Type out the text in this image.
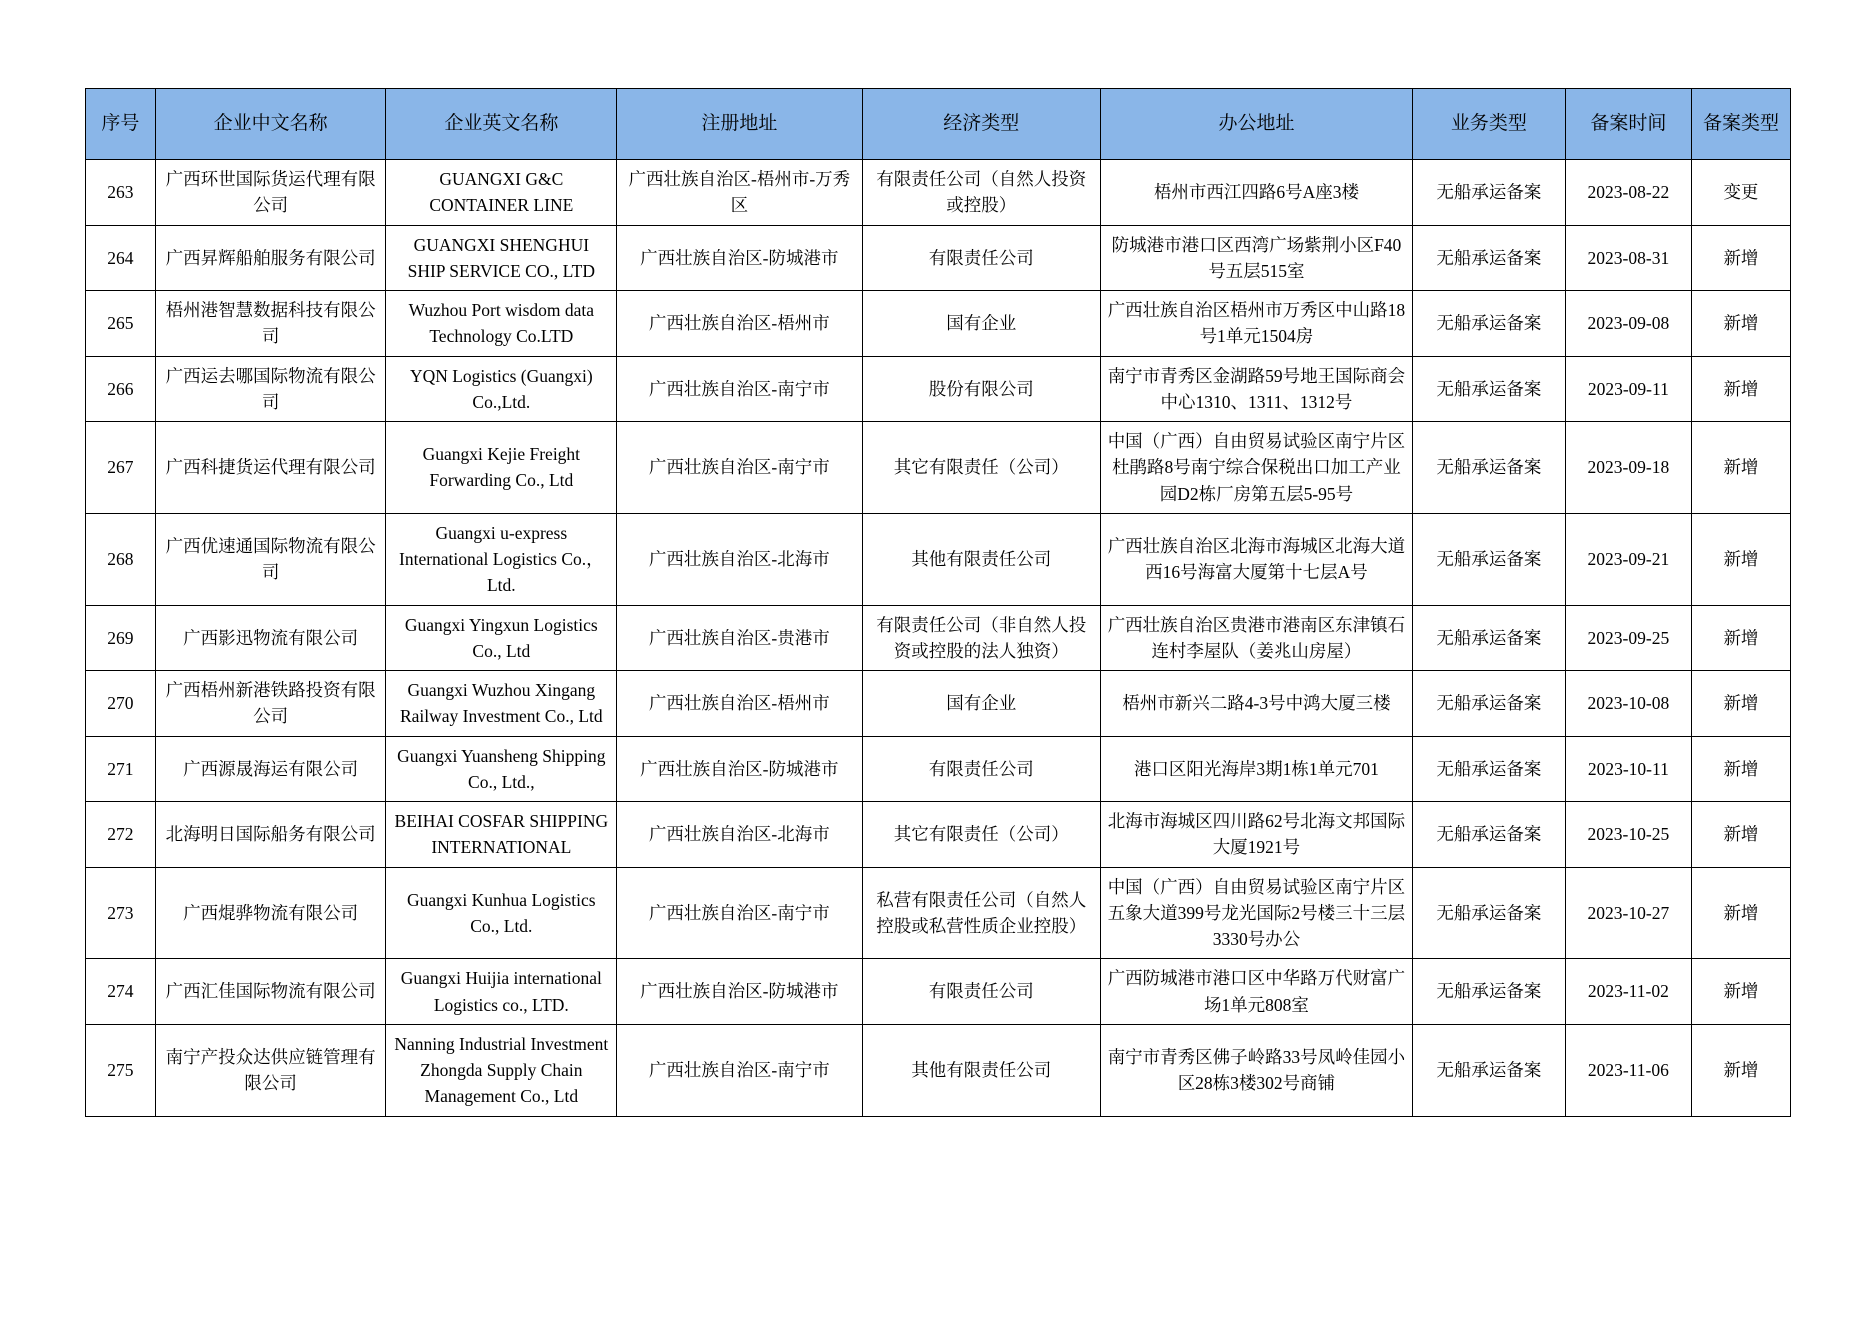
序号	企业中文名称	企业英文名称	注册地址	经济类型	办公地址	业务类型	备案时间	备案类型
263	广西环世国际货运代理有限公司	GUANGXI G&C CONTAINER LINE	广西壮族自治区-梧州市-万秀区	有限责任公司（自然人投资或控股）	梧州市西江四路6号A座3楼	无船承运备案	2023-08-22	变更
264	广西昇辉船舶服务有限公司	GUANGXI SHENGHUI SHIP SERVICE CO., LTD	广西壮族自治区-防城港市	有限责任公司	防城港市港口区西湾广场紫荆小区F40号五层515室	无船承运备案	2023-08-31	新增
265	梧州港智慧数据科技有限公司	Wuzhou Port wisdom data Technology Co.LTD	广西壮族自治区-梧州市	国有企业	广西壮族自治区梧州市万秀区中山路18号1单元1504房	无船承运备案	2023-09-08	新增
266	广西运去哪国际物流有限公司	YQN Logistics (Guangxi) Co.,Ltd.	广西壮族自治区-南宁市	股份有限公司	南宁市青秀区金湖路59号地王国际商会中心1310、1311、1312号	无船承运备案	2023-09-11	新增
267	广西科捷货运代理有限公司	Guangxi Kejie Freight Forwarding Co., Ltd	广西壮族自治区-南宁市	其它有限责任（公司）	中国（广西）自由贸易试验区南宁片区杜鹃路8号南宁综合保税出口加工产业园D2栋厂房第五层5-95号	无船承运备案	2023-09-18	新增
268	广西优速通国际物流有限公司	Guangxi u-express International Logistics Co.，Ltd.	广西壮族自治区-北海市	其他有限责任公司	广西壮族自治区北海市海城区北海大道西16号海富大厦第十七层A号	无船承运备案	2023-09-21	新增
269	广西影迅物流有限公司	Guangxi Yingxun Logistics Co., Ltd	广西壮族自治区-贵港市	有限责任公司（非自然人投资或控股的法人独资）	广西壮族自治区贵港市港南区东津镇石连村李屋队（姜兆山房屋）	无船承运备案	2023-09-25	新增
270	广西梧州新港铁路投资有限公司	Guangxi Wuzhou Xingang Railway Investment Co., Ltd	广西壮族自治区-梧州市	国有企业	梧州市新兴二路4-3号中鸿大厦三楼	无船承运备案	2023-10-08	新增
271	广西源晟海运有限公司	Guangxi Yuansheng Shipping Co., Ltd.,	广西壮族自治区-防城港市	有限责任公司	港口区阳光海岸3期1栋1单元701	无船承运备案	2023-10-11	新增
272	北海明日国际船务有限公司	BEIHAI COSFAR SHIPPING INTERNATIONAL	广西壮族自治区-北海市	其它有限责任（公司）	北海市海城区四川路62号北海文邦国际大厦1921号	无船承运备案	2023-10-25	新增
273	广西焜骅物流有限公司	Guangxi Kunhua Logistics Co., Ltd.	广西壮族自治区-南宁市	私营有限责任公司（自然人控股或私营性质企业控股）	中国（广西）自由贸易试验区南宁片区五象大道399号龙光国际2号楼三十三层3330号办公	无船承运备案	2023-10-27	新增
274	广西汇佳国际物流有限公司	Guangxi Huijia international Logistics co., LTD.	广西壮族自治区-防城港市	有限责任公司	广西防城港市港口区中华路万代财富广场1单元808室	无船承运备案	2023-11-02	新增
275	南宁产投众达供应链管理有限公司	Nanning Industrial Investment Zhongda Supply Chain Management Co., Ltd	广西壮族自治区-南宁市	其他有限责任公司	南宁市青秀区佛子岭路33号凤岭佳园小区28栋3楼302号商铺	无船承运备案	2023-11-06	新增
